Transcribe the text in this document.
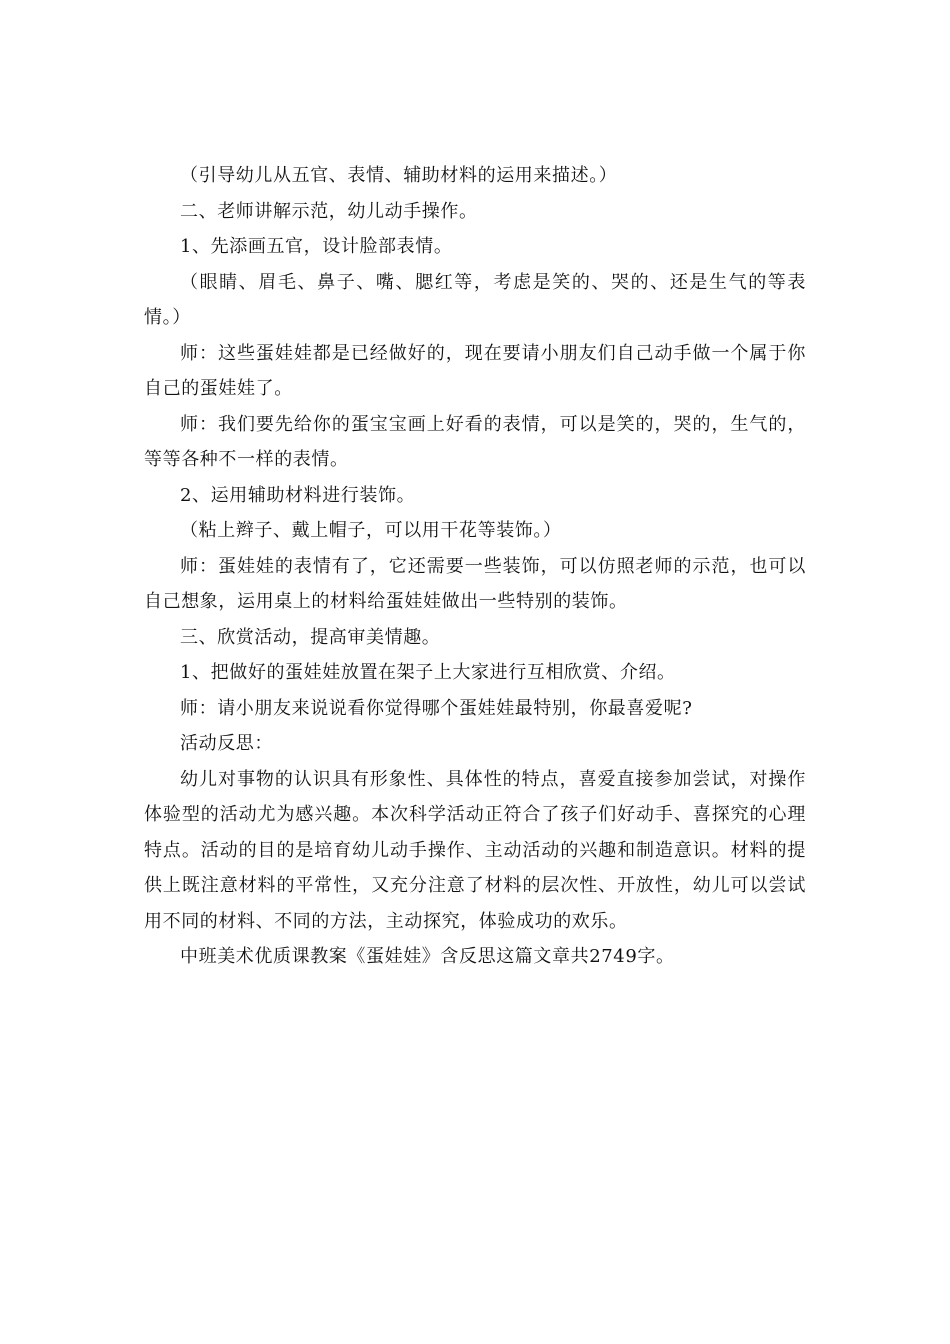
（引导幼儿从五官、表情、辅助材料的运用来描述。）

二、老师讲解示范，幼儿动手操作。

1、先添画五官，设计脸部表情。

（眼睛、眉毛、鼻子、嘴、腮红等，考虑是笑的、哭的、还是生气的等表情。）

师：这些蛋娃娃都是已经做好的，现在要请小朋友们自己动手做一个属于你自己的蛋娃娃了。

师：我们要先给你的蛋宝宝画上好看的表情，可以是笑的，哭的，生气的，等等各种不一样的表情。

2、运用辅助材料进行装饰。

（粘上辫子、戴上帽子，可以用干花等装饰。）

师：蛋娃娃的表情有了，它还需要一些装饰，可以仿照老师的示范，也可以自己想象，运用桌上的材料给蛋娃娃做出一些特别的装饰。

三、欣赏活动，提高审美情趣。

1、把做好的蛋娃娃放置在架子上大家进行互相欣赏、介绍。

师：请小朋友来说说看你觉得哪个蛋娃娃最特别，你最喜爱呢?

活动反思：

幼儿对事物的认识具有形象性、具体性的特点，喜爱直接参加尝试，对操作体验型的活动尤为感兴趣。本次科学活动正符合了孩子们好动手、喜探究的心理特点。活动的目的是培育幼儿动手操作、主动活动的兴趣和制造意识。材料的提供上既注意材料的平常性，又充分注意了材料的层次性、开放性，幼儿可以尝试用不同的材料、不同的方法，主动探究，体验成功的欢乐。

中班美术优质课教案《蛋娃娃》含反思这篇文章共2749字。
